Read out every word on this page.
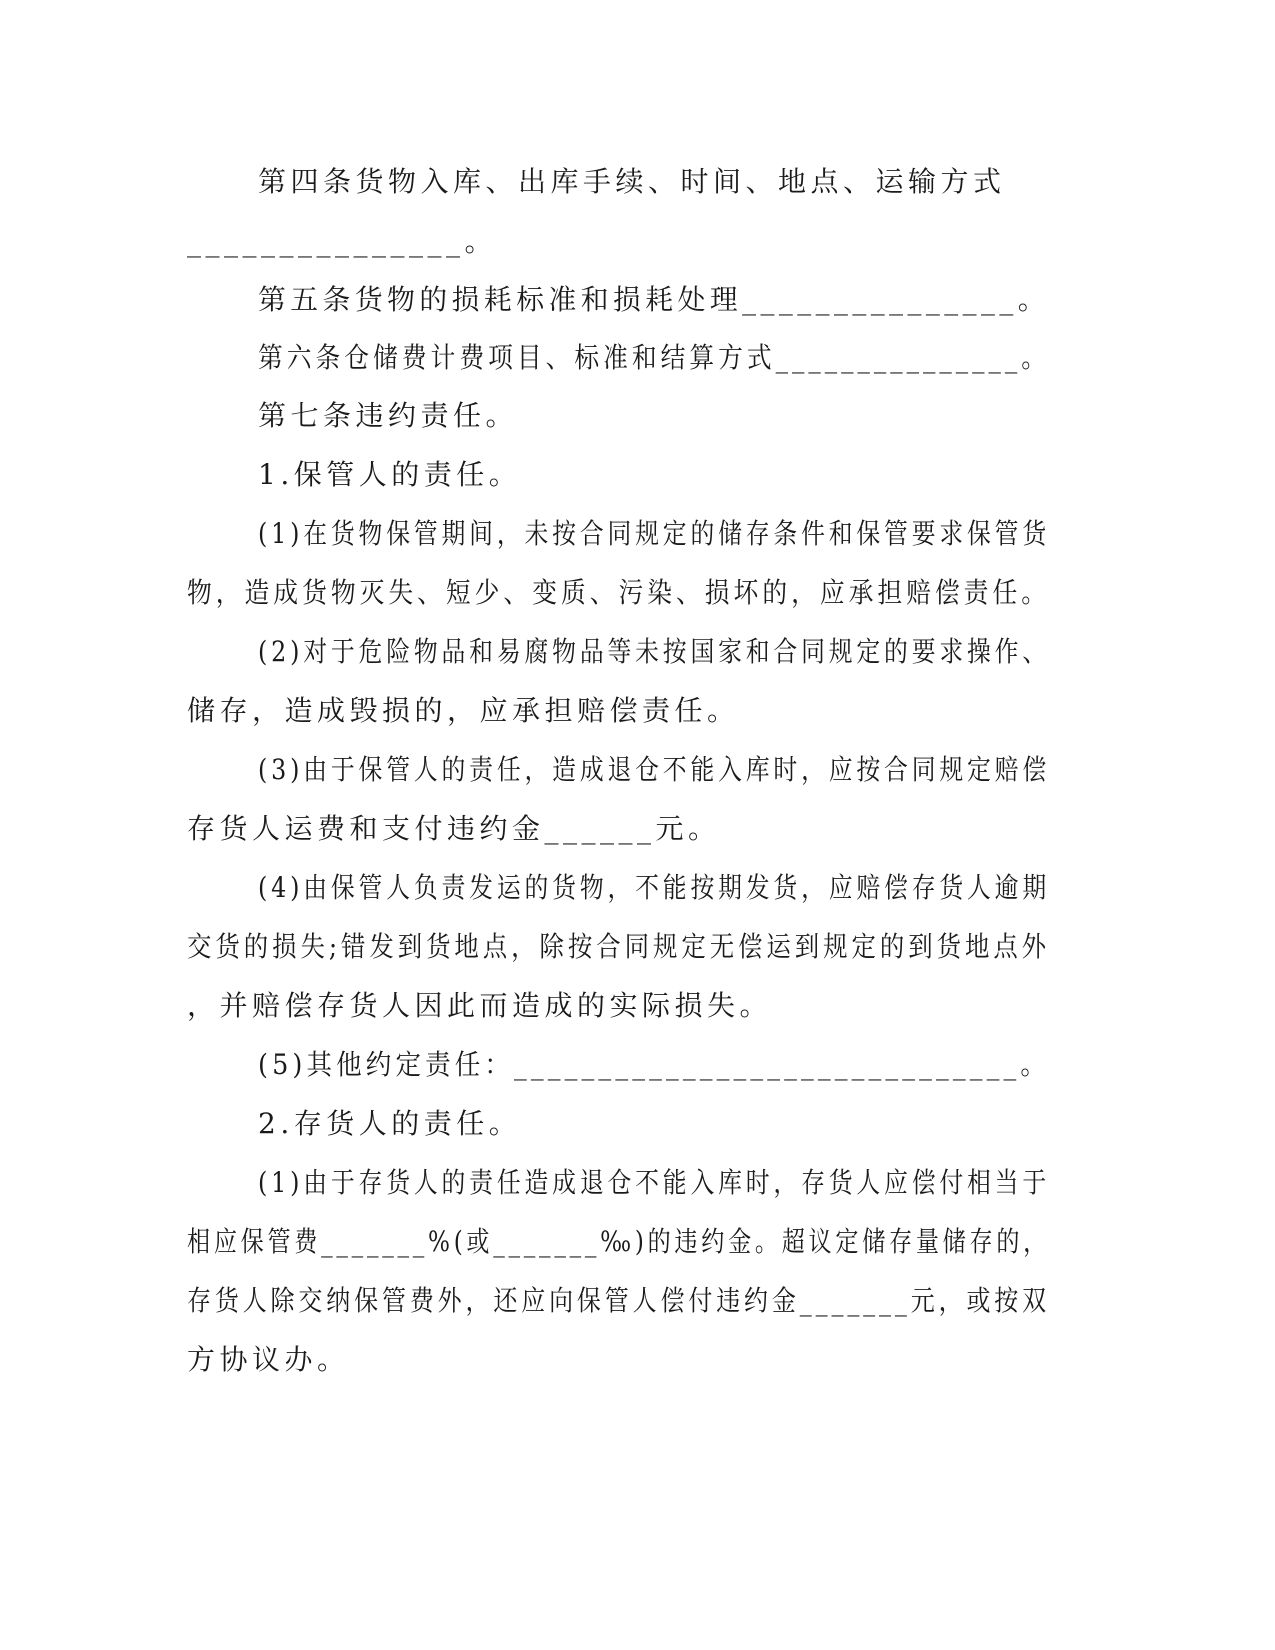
第四条货物入库、出库手续、时间、地点、运输方式
_______________。
第五条货物的损耗标准和损耗处理_______________。
第六条仓储费计费项目、标准和结算方式_______________。
第七条违约责任。
1.保管人的责任。
(1)在货物保管期间，未按合同规定的储存条件和保管要求保管货
物，造成货物灭失、短少、变质、污染、损坏的，应承担赔偿责任。
(2)对于危险物品和易腐物品等未按国家和合同规定的要求操作、
储存，造成毁损的，应承担赔偿责任。
(3)由于保管人的责任，造成退仓不能入库时，应按合同规定赔偿
存货人运费和支付违约金______元。
(4)由保管人负责发运的货物，不能按期发货，应赔偿存货人逾期
交货的损失;错发到货地点，除按合同规定无偿运到规定的到货地点外
，并赔偿存货人因此而造成的实际损失。
(5)其他约定责任：______________________________。
2.存货人的责任。
(1)由于存货人的责任造成退仓不能入库时，存货人应偿付相当于
相应保管费_______%(或_______‰)的违约金。超议定储存量储存的，
存货人除交纳保管费外，还应向保管人偿付违约金_______元，或按双
方协议办。
